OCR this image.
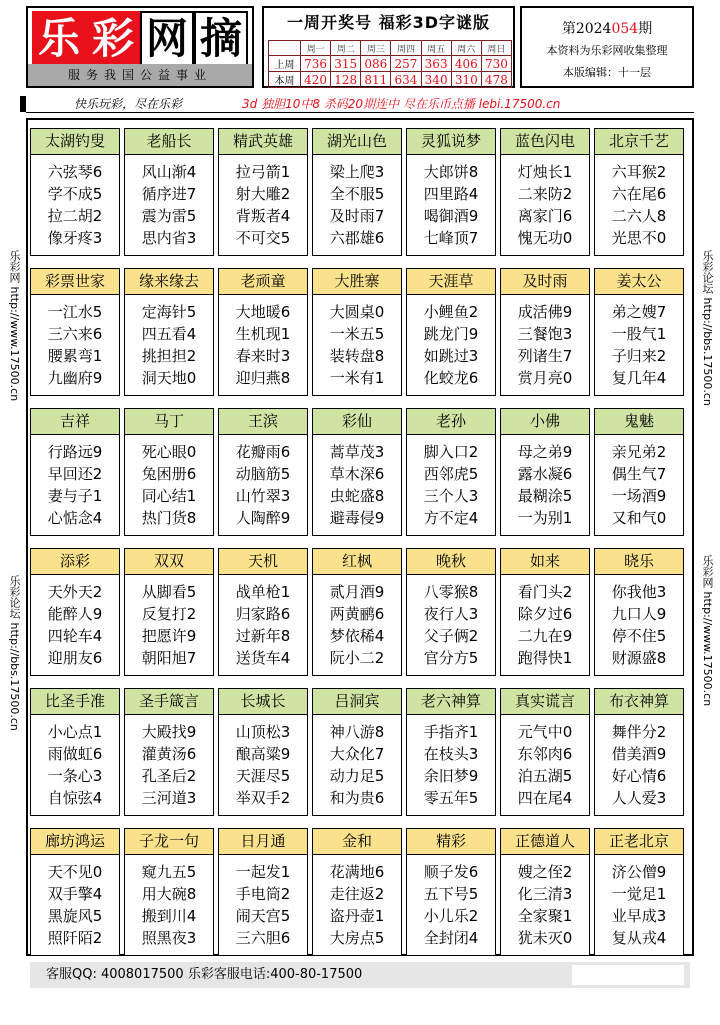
乐 彩 网 摘
服务我国公益事业
一周开奖号 福彩3D字谜版
	周一	周二	周三	周四	周五	周六	周日
上周	736	315	086	257	363	406	730
本周	420	128	811	634	340	310	478
第2024054期
本资料为乐彩网收集整理
本版编辑：十一层
快乐玩彩，尽在乐彩	3d 独胆10中8 杀码20期连中 尽在乐币点播 lebi.17500.cn
乐彩网 http://www.17500.cn
乐彩论坛 http://bbs.17500.cn
乐彩论坛 http://bbs.17500.cn
乐彩网 http://www.17500.cn
太湖钓叟
六弦琴6
学不成5
拉二胡2
像牙疼3
老船长
风山渐4
循序进7
震为雷5
思内省3
精武英雄
拉弓箭1
射大雕2
背叛者4
不可交5
湖光山色
梁上爬3
全不服5
及时雨7
六郡雄6
灵狐说梦
大郎饼8
四里路4
喝御酒9
七峰顶7
蓝色闪电
灯烛长1
二来防2
离家门6
愧无功0
北京千艺
六耳猴2
六在尾6
二六人8
光思不0
彩票世家
一江水5
三六来6
腰累弯1
九幽府9
缘来缘去
定海针5
四五看4
挑担担2
洞天地0
老顽童
大地暖6
生机现1
春来时3
迎归燕8
大胜寨
大圆桌0
一米五5
装转盘8
一米有1
天涯草
小鲤鱼2
跳龙门9
如跳过3
化蛟龙6
及时雨
成活佛9
三餐饱3
列诸生7
赏月亮0
姜太公
弟之嫂7
一股气1
子归来2
复几年4
吉祥
行路远9
早回还2
妻与子1
心惦念4
马丁
死心眼0
兔困册6
同心结1
热门货8
王滨
花瓣雨6
动脑筋5
山竹翠3
人陶醉9
彩仙
蒿草茂3
草木深6
虫蛇盛8
避毒侵9
老孙
脚入口2
西邻虎5
三个人3
方不定4
小佛
母之弟9
露水凝6
最糊涂5
一为别1
鬼魅
亲兄弟2
偶生气7
一场酒9
又和气0
添彩
天外天2
能醉人9
四轮车4
迎朋友6
双双
从脚看5
反复打2
把愿许9
朝阳旭7
天机
战单枪1
归家路6
过新年8
送货车4
红枫
贰月酒9
两黄鹂6
梦依稀4
阮小二2
晚秋
八零猴8
夜行人3
父子俩2
官分方5
如来
看门头2
除夕过6
二九在9
跑得快1
晓乐
你我他3
九口人9
停不住5
财源盛8
比圣手准
小心点1
雨做虹6
一条心3
自惊弦4
圣手箴言
大殿找9
灌黄汤6
孔圣后2
三河道3
长城长
山顶松3
酿高粱9
天涯尽5
举双手2
吕洞宾
神八游8
大众化7
动力足5
和为贵6
老六神算
手指齐1
在枝头3
余旧梦9
零五年5
真实谎言
元气中0
东邻肉6
泊五湖5
四在尾4
布衣神算
舞伴分2
借美酒9
好心情6
人人爱3
廊坊鸿运
天不见0
双手擎4
黑旋风5
照阡陌2
子龙一句
窥九五5
用大碗8
搬到川4
照黑夜3
日月通
一起发1
手电筒2
闹天宫5
三六胆6
金和
花满地6
走往返2
盗丹壶1
大房点5
精彩
顺子发6
五下号5
小儿乐2
全封闭4
正德道人
嫂之侄2
化三清3
全家聚1
犹未灭0
正老北京
济公僧9
一觉足1
业早成3
复从戎4
客服QQ: 4008017500 乐彩客服电话:400-80-17500
